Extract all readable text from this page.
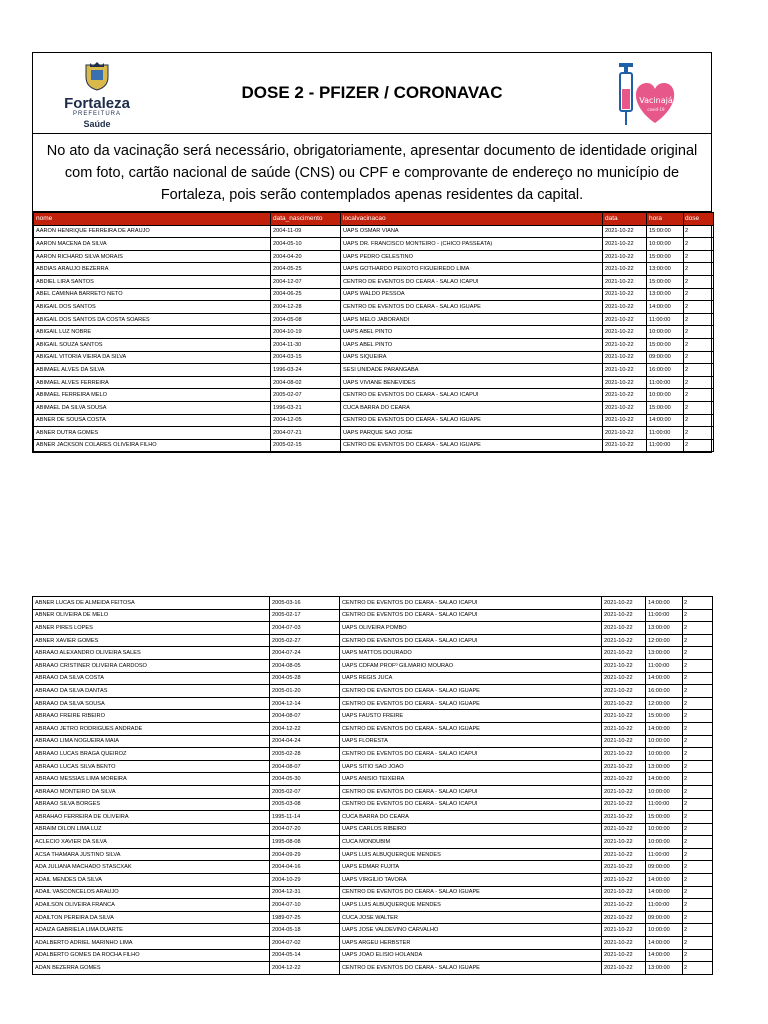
Fortaleza
PREFEITURA
Saúde
DOSE 2 - PFIZER / CORONAVAC	Vacinajá
covid-19
No ato da vacinação será necessário, obrigatoriamente, apresentar documento de identidade original com foto, cartão nacional de saúde (CNS) ou CPF e comprovante de endereço no município de Fortaleza, pois serão contemplados apenas residentes da capital.
nome	data_nascimento	localvacinacao	data	hora	dose
AARON HENRIQUE FERREIRA DE ARAUJO	2004-11-09	UAPS OSMAR VIANA	2021-10-22	15:00:00	2
AARON MACENA DA SILVA	2004-05-10	UAPS DR. FRANCISCO MONTEIRO - (CHICO PASSEATA)	2021-10-22	10:00:00	2
AARON RICHARD SILVA MORAIS	2004-04-20	UAPS PEDRO CELESTINO	2021-10-22	15:00:00	2
ABDIAS ARAUJO BEZERRA	2004-05-25	UAPS GOTHARDO PEIXOTO FIGUEIREDO LIMA	2021-10-22	13:00:00	2
ABDIEL LIRA SANTOS	2004-12-07	CENTRO DE EVENTOS DO CEARA - SALAO ICAPUI	2021-10-22	15:00:00	2
ABEL CAMINHA BARRETO NETO	2004-06-25	UAPS WALDO PESSOA	2021-10-22	13:00:00	2
ABIGAIL DOS SANTOS	2004-12-28	CENTRO DE EVENTOS DO CEARA - SALAO IGUAPE	2021-10-22	14:00:00	2
ABIGAIL DOS SANTOS DA COSTA SOARES	2004-05-08	UAPS MELO JABORANDI	2021-10-22	11:00:00	2
ABIGAIL LUZ NOBRE	2004-10-19	UAPS ABEL PINTO	2021-10-22	10:00:00	2
ABIGAIL SOUZA SANTOS	2004-11-30	UAPS ABEL PINTO	2021-10-22	15:00:00	2
ABIGAIL VITORIA VIEIRA DA SILVA	2004-03-15	UAPS SIQUEIRA	2021-10-22	09:00:00	2
ABIMAEL ALVES DA SILVA	1996-03-24	SESI UNIDADE PARANGABA	2021-10-22	16:00:00	2
ABIMAEL ALVES FERREIRA	2004-08-02	UAPS VIVIANE BENEVIDES	2021-10-22	11:00:00	2
ABIMAEL FERREIRA MELO	2005-02-07	CENTRO DE EVENTOS DO CEARA - SALAO ICAPUI	2021-10-22	10:00:00	2
ABIMAEL DA SILVA SOUSA	1996-03-21	CUCA BARRA DO CEARA	2021-10-22	15:00:00	2
ABNER DE SOUSA COSTA	2004-12-05	CENTRO DE EVENTOS DO CEARA - SALAO IGUAPE	2021-10-22	14:00:00	2
ABNER DUTRA GOMES	2004-07-21	UAPS PARQUE SAO JOSE	2021-10-22	11:00:00	2
ABNER JACKSON COLARES OLIVEIRA FILHO	2005-02-15	CENTRO DE EVENTOS DO CEARA - SALAO IGUAPE	2021-10-22	11:00:00	2
ABNER LUCAS DE ALMEIDA FEITOSA	2005-03-16	CENTRO DE EVENTOS DO CEARA - SALAO ICAPUI	2021-10-22	14:00:00	2
ABNER OLIVEIRA DE MELO	2005-02-17	CENTRO DE EVENTOS DO CEARA - SALAO ICAPUI	2021-10-22	11:00:00	2
ABNER PIRES LOPES	2004-07-03	UAPS OLIVEIRA POMBO	2021-10-22	13:00:00	2
ABNER XAVIER GOMES	2005-02-27	CENTRO DE EVENTOS DO CEARA - SALAO ICAPUI	2021-10-22	12:00:00	2
ABRAAO ALEXANDRO OLIVEIRA SALES	2004-07-24	UAPS MATTOS DOURADO	2021-10-22	13:00:00	2
ABRAAO CRISTINER OLIVEIRA CARDOSO	2004-08-05	UAPS CDFAM PROFº GILMARIO MOURAO	2021-10-22	11:00:00	2
ABRAAO DA SILVA COSTA	2004-05-28	UAPS REGIS JUCA	2021-10-22	14:00:00	2
ABRAAO DA SILVA DANTAS	2005-01-20	CENTRO DE EVENTOS DO CEARA - SALAO IGUAPE	2021-10-22	16:00:00	2
ABRAAO DA SILVA SOUSA	2004-12-14	CENTRO DE EVENTOS DO CEARA - SALAO IGUAPE	2021-10-22	12:00:00	2
ABRAAO FREIRE RIBEIRO	2004-08-07	UAPS FAUSTO FREIRE	2021-10-22	15:00:00	2
ABRAAO JETRO RODRIGUES ANDRADE	2004-12-22	CENTRO DE EVENTOS DO CEARA - SALAO IGUAPE	2021-10-22	14:00:00	2
ABRAAO LIMA NOGUEIRA MAIA	2004-04-24	UAPS FLORESTA	2021-10-22	10:00:00	2
ABRAAO LUCAS BRAGA QUEIROZ	2005-02-28	CENTRO DE EVENTOS DO CEARA - SALAO ICAPUI	2021-10-22	10:00:00	2
ABRAAO LUCAS SILVA BENTO	2004-08-07	UAPS SITIO SAO JOAO	2021-10-22	13:00:00	2
ABRAAO MESSIAS LIMA MOREIRA	2004-05-30	UAPS ANISIO TEIXEIRA	2021-10-22	14:00:00	2
ABRAAO MONTEIRO DA SILVA	2005-02-07	CENTRO DE EVENTOS DO CEARA - SALAO ICAPUI	2021-10-22	10:00:00	2
ABRAAO SILVA BORGES	2005-03-08	CENTRO DE EVENTOS DO CEARA - SALAO ICAPUI	2021-10-22	11:00:00	2
ABRAHAO FERREIRA DE OLIVEIRA	1995-11-14	CUCA BARRA DO CEARA	2021-10-22	15:00:00	2
ABRAIM DILON LIMA LUZ	2004-07-20	UAPS CARLOS RIBEIRO	2021-10-22	10:00:00	2
ACLECIO XAVIER DA SILVA	1995-08-08	CUCA MONDUBIM	2021-10-22	10:00:00	2
ACSA THAMARA JUSTINO SILVA	2004-09-29	UAPS LUIS ALBUQUERQUE MENDES	2021-10-22	11:00:00	2
ADA JULIANA MACHADO STASCXAK	2004-04-16	UAPS EDMAR FUJITA	2021-10-22	09:00:00	2
ADAIL MENDES DA SILVA	2004-10-29	UAPS VIRGILIO TAVORA	2021-10-22	14:00:00	2
ADAIL VASCONCELOS ARAUJO	2004-12-31	CENTRO DE EVENTOS DO CEARA - SALAO IGUAPE	2021-10-22	14:00:00	2
ADAILSON OLIVEIRA FRANCA	2004-07-10	UAPS LUIS ALBUQUERQUE MENDES	2021-10-22	11:00:00	2
ADAILTON PEREIRA DA SILVA	1989-07-25	CUCA JOSE WALTER	2021-10-22	09:00:00	2
ADAIZA GABRIELA LIMA DUARTE	2004-05-18	UAPS JOSE VALDEVINO CARVALHO	2021-10-22	10:00:00	2
ADALBERTO ADRIEL MARINHO LIMA	2004-07-02	UAPS ARGEU HERBSTER	2021-10-22	14:00:00	2
ADALBERTO GOMES DA ROCHA FILHO	2004-05-14	UAPS JOAO ELISIO HOLANDA	2021-10-22	14:00:00	2
ADAN BEZERRA GOMES	2004-12-22	CENTRO DE EVENTOS DO CEARA - SALAO IGUAPE	2021-10-22	13:00:00	2
